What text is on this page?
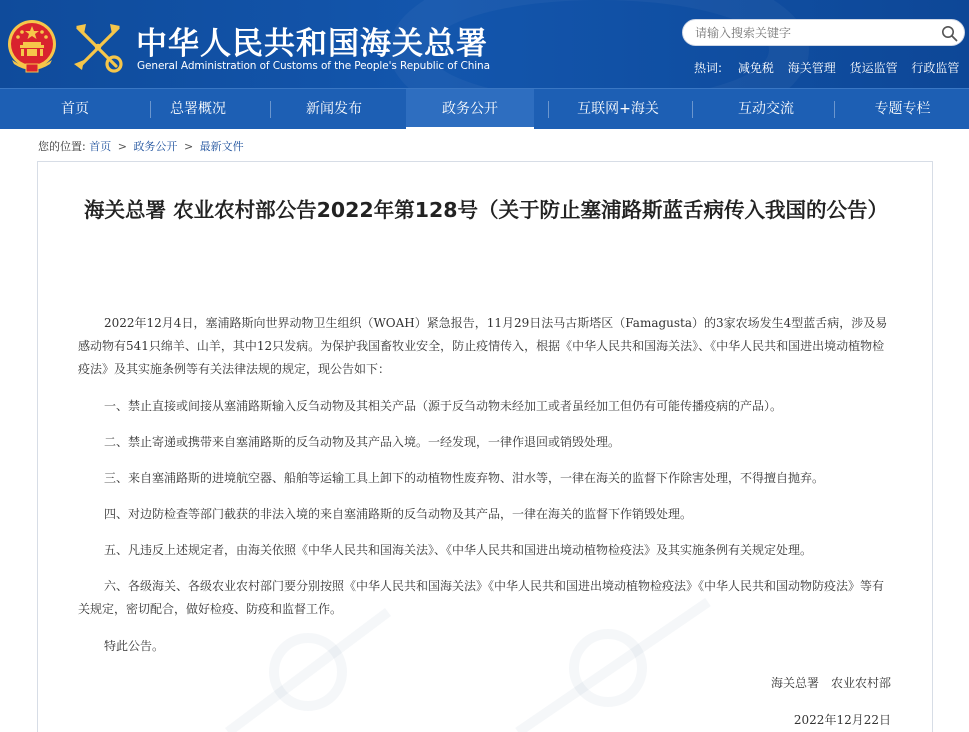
中华人民共和国海关总署
General Administration of Customs of the People's Republic of China
请输入搜索关键字	热词: 减免税 海关管理 货运监管 行政监管
首页	总署概况	新闻发布	政务公开	互联网+海关	互动交流	专题专栏
您的位置: 首页 > 政务公开 > 最新文件
海关总署 农业农村部公告2022年第128号（关于防止塞浦路斯蓝舌病传入我国的公告）
2022年12月4日，塞浦路斯向世界动物卫生组织（WOAH）紧急报告，11月29日法马古斯塔区（Famagusta）的3家农场发生4型蓝舌病，涉及易感动物有541只绵羊、山羊，其中12只发病。为保护我国畜牧业安全，防止疫情传入，根据《中华人民共和国海关法》、《中华人民共和国进出境动植物检疫法》及其实施条例等有关法律法规的规定，现公告如下：
一、禁止直接或间接从塞浦路斯输入反刍动物及其相关产品（源于反刍动物未经加工或者虽经加工但仍有可能传播疫病的产品）。
二、禁止寄递或携带来自塞浦路斯的反刍动物及其产品入境。一经发现，一律作退回或销毁处理。
三、来自塞浦路斯的进境航空器、船舶等运输工具上卸下的动植物性废弃物、泔水等，一律在海关的监督下作除害处理，不得擅自抛弃。
四、对边防检查等部门截获的非法入境的来自塞浦路斯的反刍动物及其产品，一律在海关的监督下作销毁处理。
五、凡违反上述规定者，由海关依照《中华人民共和国海关法》、《中华人民共和国进出境动植物检疫法》及其实施条例有关规定处理。
六、各级海关、各级农业农村部门要分别按照《中华人民共和国海关法》《中华人民共和国进出境动植物检疫法》《中华人民共和国动物防疫法》等有关规定，密切配合，做好检疫、防疫和监督工作。
特此公告。
海关总署　农业农村部
2022年12月22日
